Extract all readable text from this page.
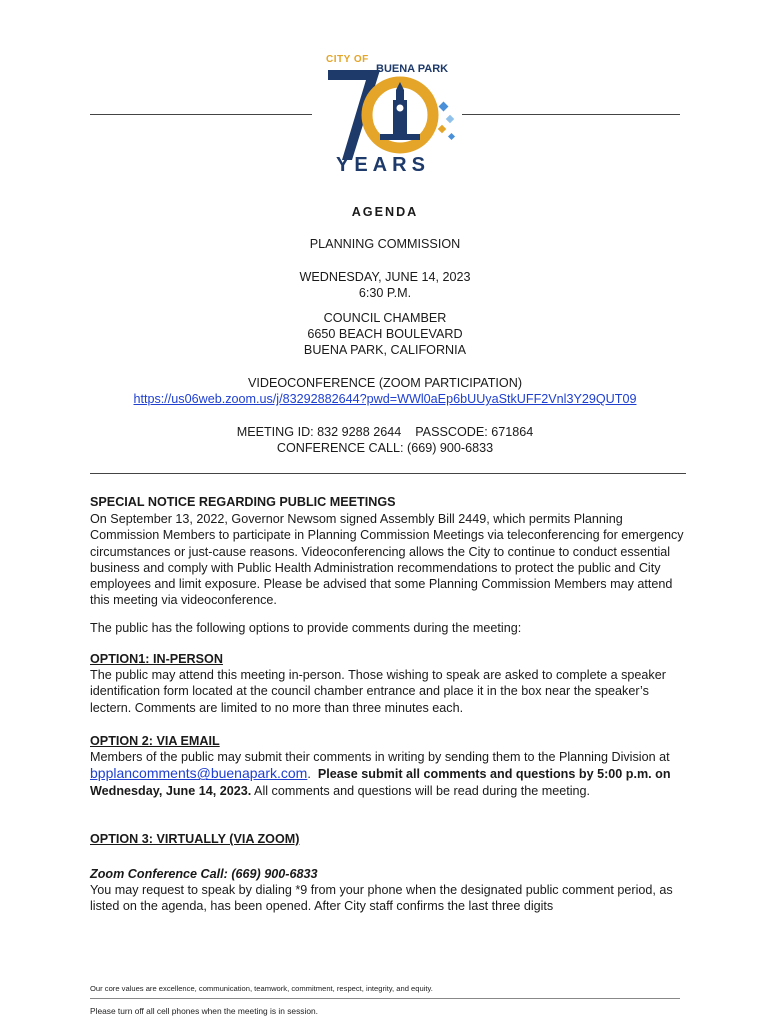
CITY OF
BUENA PARK
YEARS
AGENDA
PLANNING COMMISSION
WEDNESDAY, JUNE 14, 2023
6:30 P.M.
COUNCIL CHAMBER
6650 BEACH BOULEVARD
BUENA PARK, CALIFORNIA
VIDEOCONFERENCE (ZOOM PARTICIPATION)
https://us06web.zoom.us/j/83292882644?pwd=WWl0aEp6bUUyaStkUFF2Vnl3Y29QUT09
MEETING ID: 832 9288 2644    PASSCODE: 671864
CONFERENCE CALL: (669) 900-6833
SPECIAL NOTICE REGARDING PUBLIC MEETINGS
On September 13, 2022, Governor Newsom signed Assembly Bill 2449, which permits Planning Commission Members to participate in Planning Commission Meetings via teleconferencing for emergency circumstances or just-cause reasons. Videoconferencing allows the City to continue to conduct essential business and comply with Public Health Administration recommendations to protect the public and City employees and limit exposure. Please be advised that some Planning Commission Members may attend this meeting via videoconference.
The public has the following options to provide comments during the meeting:
OPTION1: IN-PERSON
The public may attend this meeting in-person. Those wishing to speak are asked to complete a speaker identification form located at the council chamber entrance and place it in the box near the speaker’s lectern. Comments are limited to no more than three minutes each.
OPTION 2: VIA EMAIL
Members of the public may submit their comments in writing by sending them to the Planning Division at bpplancomments@buenapark.com.  Please submit all comments and questions by 5:00 p.m. on Wednesday, June 14, 2023. All comments and questions will be read during the meeting.
OPTION 3: VIRTUALLY (VIA ZOOM)
Zoom Conference Call: (669) 900-6833
You may request to speak by dialing *9 from your phone when the designated public comment period, as listed on the agenda, has been opened. After City staff confirms the last three digits
Our core values are excellence, communication, teamwork, commitment, respect, integrity, and equity.
Please turn off all cell phones when the meeting is in session.
